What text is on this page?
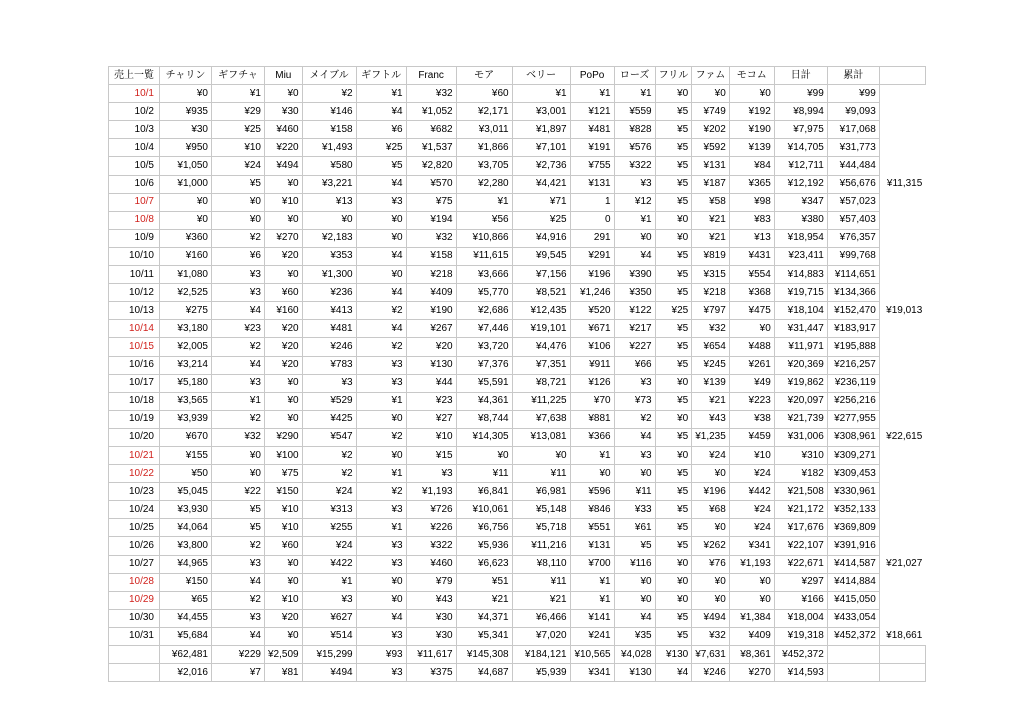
売上一覧	チャリン	ギフチャ	Miu	メイブル	ギフトル	Franc	モア	ベリー	PoPo	ローズ	フリル	ファム	モコム	日計	累計	
10/1	¥0	¥1	¥0	¥2	¥1	¥32	¥60	¥1	¥1	¥1	¥0	¥0	¥0	¥99	¥99	
10/2	¥935	¥29	¥30	¥146	¥4	¥1,052	¥2,171	¥3,001	¥121	¥559	¥5	¥749	¥192	¥8,994	¥9,093	
10/3	¥30	¥25	¥460	¥158	¥6	¥682	¥3,011	¥1,897	¥481	¥828	¥5	¥202	¥190	¥7,975	¥17,068	
10/4	¥950	¥10	¥220	¥1,493	¥25	¥1,537	¥1,866	¥7,101	¥191	¥576	¥5	¥592	¥139	¥14,705	¥31,773	
10/5	¥1,050	¥24	¥494	¥580	¥5	¥2,820	¥3,705	¥2,736	¥755	¥322	¥5	¥131	¥84	¥12,711	¥44,484	
10/6	¥1,000	¥5	¥0	¥3,221	¥4	¥570	¥2,280	¥4,421	¥131	¥3	¥5	¥187	¥365	¥12,192	¥56,676	¥11,315
10/7	¥0	¥0	¥10	¥13	¥3	¥75	¥1	¥71	1	¥12	¥5	¥58	¥98	¥347	¥57,023	
10/8	¥0	¥0	¥0	¥0	¥0	¥194	¥56	¥25	0	¥1	¥0	¥21	¥83	¥380	¥57,403	
10/9	¥360	¥2	¥270	¥2,183	¥0	¥32	¥10,866	¥4,916	291	¥0	¥0	¥21	¥13	¥18,954	¥76,357	
10/10	¥160	¥6	¥20	¥353	¥4	¥158	¥11,615	¥9,545	¥291	¥4	¥5	¥819	¥431	¥23,411	¥99,768	
10/11	¥1,080	¥3	¥0	¥1,300	¥0	¥218	¥3,666	¥7,156	¥196	¥390	¥5	¥315	¥554	¥14,883	¥114,651	
10/12	¥2,525	¥3	¥60	¥236	¥4	¥409	¥5,770	¥8,521	¥1,246	¥350	¥5	¥218	¥368	¥19,715	¥134,366	
10/13	¥275	¥4	¥160	¥413	¥2	¥190	¥2,686	¥12,435	¥520	¥122	¥25	¥797	¥475	¥18,104	¥152,470	¥19,013
10/14	¥3,180	¥23	¥20	¥481	¥4	¥267	¥7,446	¥19,101	¥671	¥217	¥5	¥32	¥0	¥31,447	¥183,917	
10/15	¥2,005	¥2	¥20	¥246	¥2	¥20	¥3,720	¥4,476	¥106	¥227	¥5	¥654	¥488	¥11,971	¥195,888	
10/16	¥3,214	¥4	¥20	¥783	¥3	¥130	¥7,376	¥7,351	¥911	¥66	¥5	¥245	¥261	¥20,369	¥216,257	
10/17	¥5,180	¥3	¥0	¥3	¥3	¥44	¥5,591	¥8,721	¥126	¥3	¥0	¥139	¥49	¥19,862	¥236,119	
10/18	¥3,565	¥1	¥0	¥529	¥1	¥23	¥4,361	¥11,225	¥70	¥73	¥5	¥21	¥223	¥20,097	¥256,216	
10/19	¥3,939	¥2	¥0	¥425	¥0	¥27	¥8,744	¥7,638	¥881	¥2	¥0	¥43	¥38	¥21,739	¥277,955	
10/20	¥670	¥32	¥290	¥547	¥2	¥10	¥14,305	¥13,081	¥366	¥4	¥5	¥1,235	¥459	¥31,006	¥308,961	¥22,615
10/21	¥155	¥0	¥100	¥2	¥0	¥15	¥0	¥0	¥1	¥3	¥0	¥24	¥10	¥310	¥309,271	
10/22	¥50	¥0	¥75	¥2	¥1	¥3	¥11	¥11	¥0	¥0	¥5	¥0	¥24	¥182	¥309,453	
10/23	¥5,045	¥22	¥150	¥24	¥2	¥1,193	¥6,841	¥6,981	¥596	¥11	¥5	¥196	¥442	¥21,508	¥330,961	
10/24	¥3,930	¥5	¥10	¥313	¥3	¥726	¥10,061	¥5,148	¥846	¥33	¥5	¥68	¥24	¥21,172	¥352,133	
10/25	¥4,064	¥5	¥10	¥255	¥1	¥226	¥6,756	¥5,718	¥551	¥61	¥5	¥0	¥24	¥17,676	¥369,809	
10/26	¥3,800	¥2	¥60	¥24	¥3	¥322	¥5,936	¥11,216	¥131	¥5	¥5	¥262	¥341	¥22,107	¥391,916	
10/27	¥4,965	¥3	¥0	¥422	¥3	¥460	¥6,623	¥8,110	¥700	¥116	¥0	¥76	¥1,193	¥22,671	¥414,587	¥21,027
10/28	¥150	¥4	¥0	¥1	¥0	¥79	¥51	¥11	¥1	¥0	¥0	¥0	¥0	¥297	¥414,884	
10/29	¥65	¥2	¥10	¥3	¥0	¥43	¥21	¥21	¥1	¥0	¥0	¥0	¥0	¥166	¥415,050	
10/30	¥4,455	¥3	¥20	¥627	¥4	¥30	¥4,371	¥6,466	¥141	¥4	¥5	¥494	¥1,384	¥18,004	¥433,054	
10/31	¥5,684	¥4	¥0	¥514	¥3	¥30	¥5,341	¥7,020	¥241	¥35	¥5	¥32	¥409	¥19,318	¥452,372	¥18,661
	¥62,481	¥229	¥2,509	¥15,299	¥93	¥11,617	¥145,308	¥184,121	¥10,565	¥4,028	¥130	¥7,631	¥8,361	¥452,372		
	¥2,016	¥7	¥81	¥494	¥3	¥375	¥4,687	¥5,939	¥341	¥130	¥4	¥246	¥270	¥14,593		
